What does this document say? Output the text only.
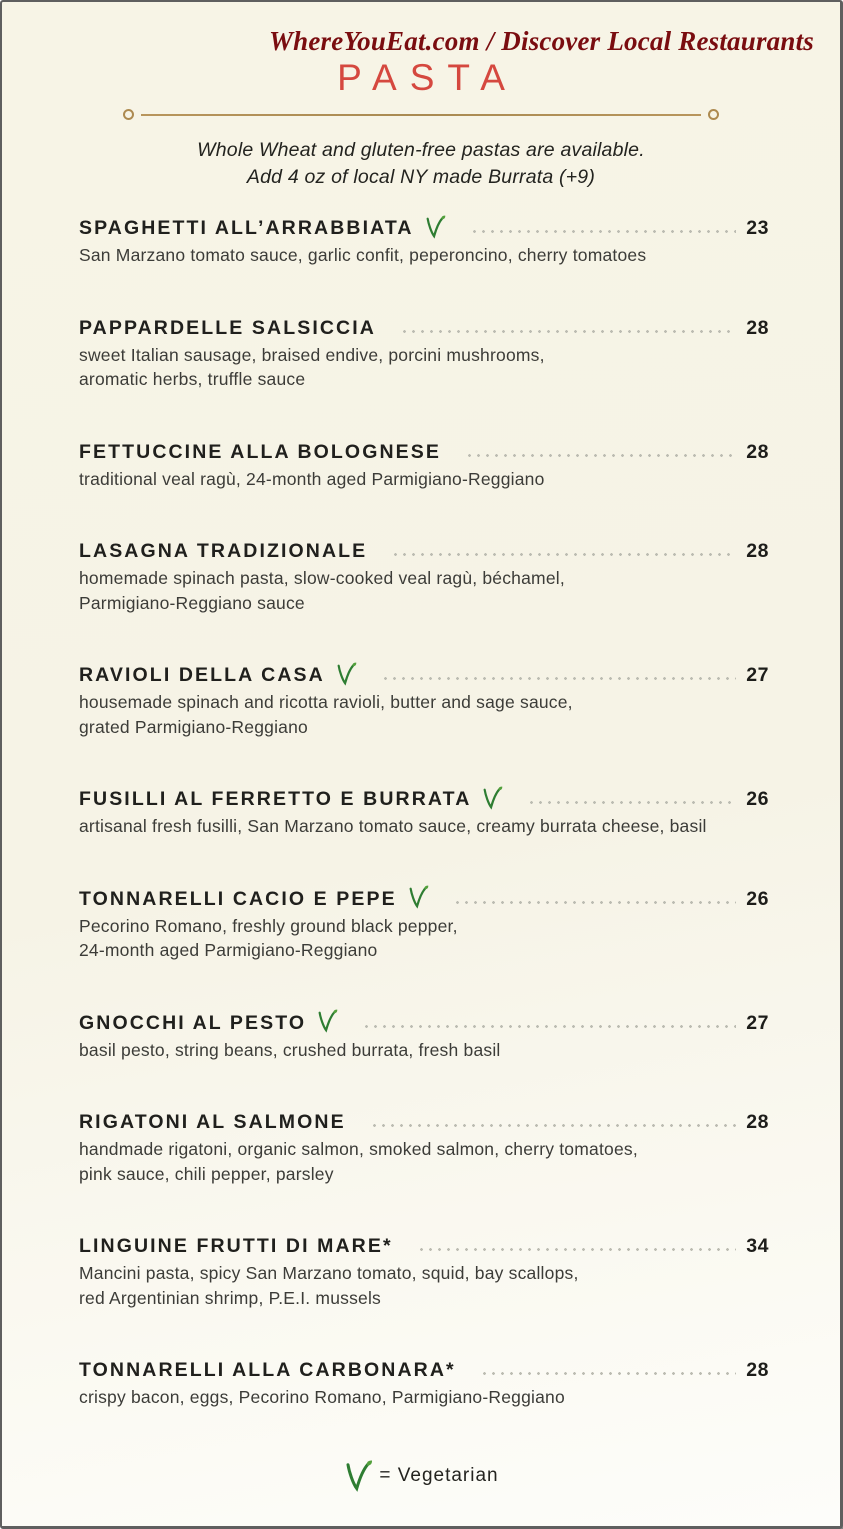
WhereYouEat.com / Discover Local Restaurants
PASTA
Whole Wheat and gluten-free pastas are available.
Add 4 oz of local NY made Burrata (+9)
SPAGHETTI ALL’ARRABBIATA	23
San Marzano tomato sauce, garlic confit, peperoncino, cherry tomatoes
PAPPARDELLE SALSICCIA	28
sweet Italian sausage, braised endive, porcini mushrooms,
aromatic herbs, truffle sauce
FETTUCCINE ALLA BOLOGNESE	28
traditional veal ragù, 24-month aged Parmigiano-Reggiano
LASAGNA TRADIZIONALE	28
homemade spinach pasta, slow-cooked veal ragù, béchamel,
Parmigiano-Reggiano sauce
RAVIOLI DELLA CASA	27
housemade spinach and ricotta ravioli, butter and sage sauce,
grated Parmigiano-Reggiano
FUSILLI AL FERRETTO E BURRATA	26
artisanal fresh fusilli, San Marzano tomato sauce, creamy burrata cheese, basil
TONNARELLI CACIO E PEPE	26
Pecorino Romano, freshly ground black pepper,
24-month aged Parmigiano-Reggiano
GNOCCHI AL PESTO	27
basil pesto, string beans, crushed burrata, fresh basil
RIGATONI AL SALMONE	28
handmade rigatoni, organic salmon, smoked salmon, cherry tomatoes,
pink sauce, chili pepper, parsley
LINGUINE FRUTTI DI MARE*	34
Mancini pasta, spicy San Marzano tomato, squid, bay scallops,
red Argentinian shrimp, P.E.I. mussels
TONNARELLI ALLA CARBONARA*	28
crispy bacon, eggs, Pecorino Romano, Parmigiano-Reggiano
= Vegetarian
